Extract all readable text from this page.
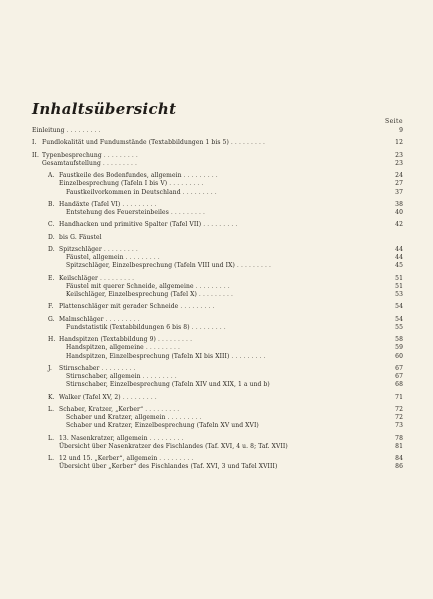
Inhaltsübersicht
Seite
Einleitung . . .	9
I. Fundlokalität und Fundumstände (Textabbildungen 1 bis 5) . . .	12
II. Typenbesprechung . . .	23
Gesamtaufstellung . . .	23
A. Faustkeile des Bodenfundes, allgemein . . .	24
Einzelbesprechung (Tafeln I bis V) . . .	27
Faustkeilvorkommen in Deutschland . . .	37
B. Handäxte (Tafel VI) . . .	38
Entstehung des Feuersteinbeiles . . .	40
C. Handhacken und primitive Spalter (Tafel VII) . . .	42
D. bis G. Fäustel
D. Spitzschläger . . .	44
Fäustel, allgemein . . .	44
Spitzschläger, Einzelbesprechung (Tafeln VIII und IX) . . .	45
E. Keilschläger . . .	51
Fäustel mit querer Schneide, allgemeine . . .	51
Keilschläger, Einzelbesprechung (Tafel X) . . .	53
F. Plattenschläger mit gerader Schneide . . .	54
G. Malmschläger . . .	54
Fundstatistik (Textabbildungen 6 bis 8) . . .	55
H. Handspitzen (Textabbildung 9) . . .	58
Handspitzen, allgemeine . . .	59
Handspitzen, Einzelbesprechung (Tafeln XI bis XIII) . . .	60
J. Stirnschaber . . .	67
Stirnschaber, allgemein . . .	67
Stirnschaber, Einzelbesprechung (Tafeln XIV und XIX, 1 a und b)	68
K. Walker (Tafel XV, 2) . . .	71
L. Schaber, Kratzer, „Kerber“ . . .	72
Schaber und Kratzer, allgemein . . .	72
Schaber und Kratzer, Einzelbesprechung (Tafeln XV und XVI)	73
L. 13. Nasenkratzer, allgemein . . .	78
Übersicht über Nasenkratzer des Fischlandes (Taf. XVI, 4 u. 8; Taf. XVII)	81
L. 12 und 15. „Kerber“, allgemein . . .	84
Übersicht über „Kerber“ des Fischlandes (Taf. XVI, 3 und Tafel XVIII)	86
